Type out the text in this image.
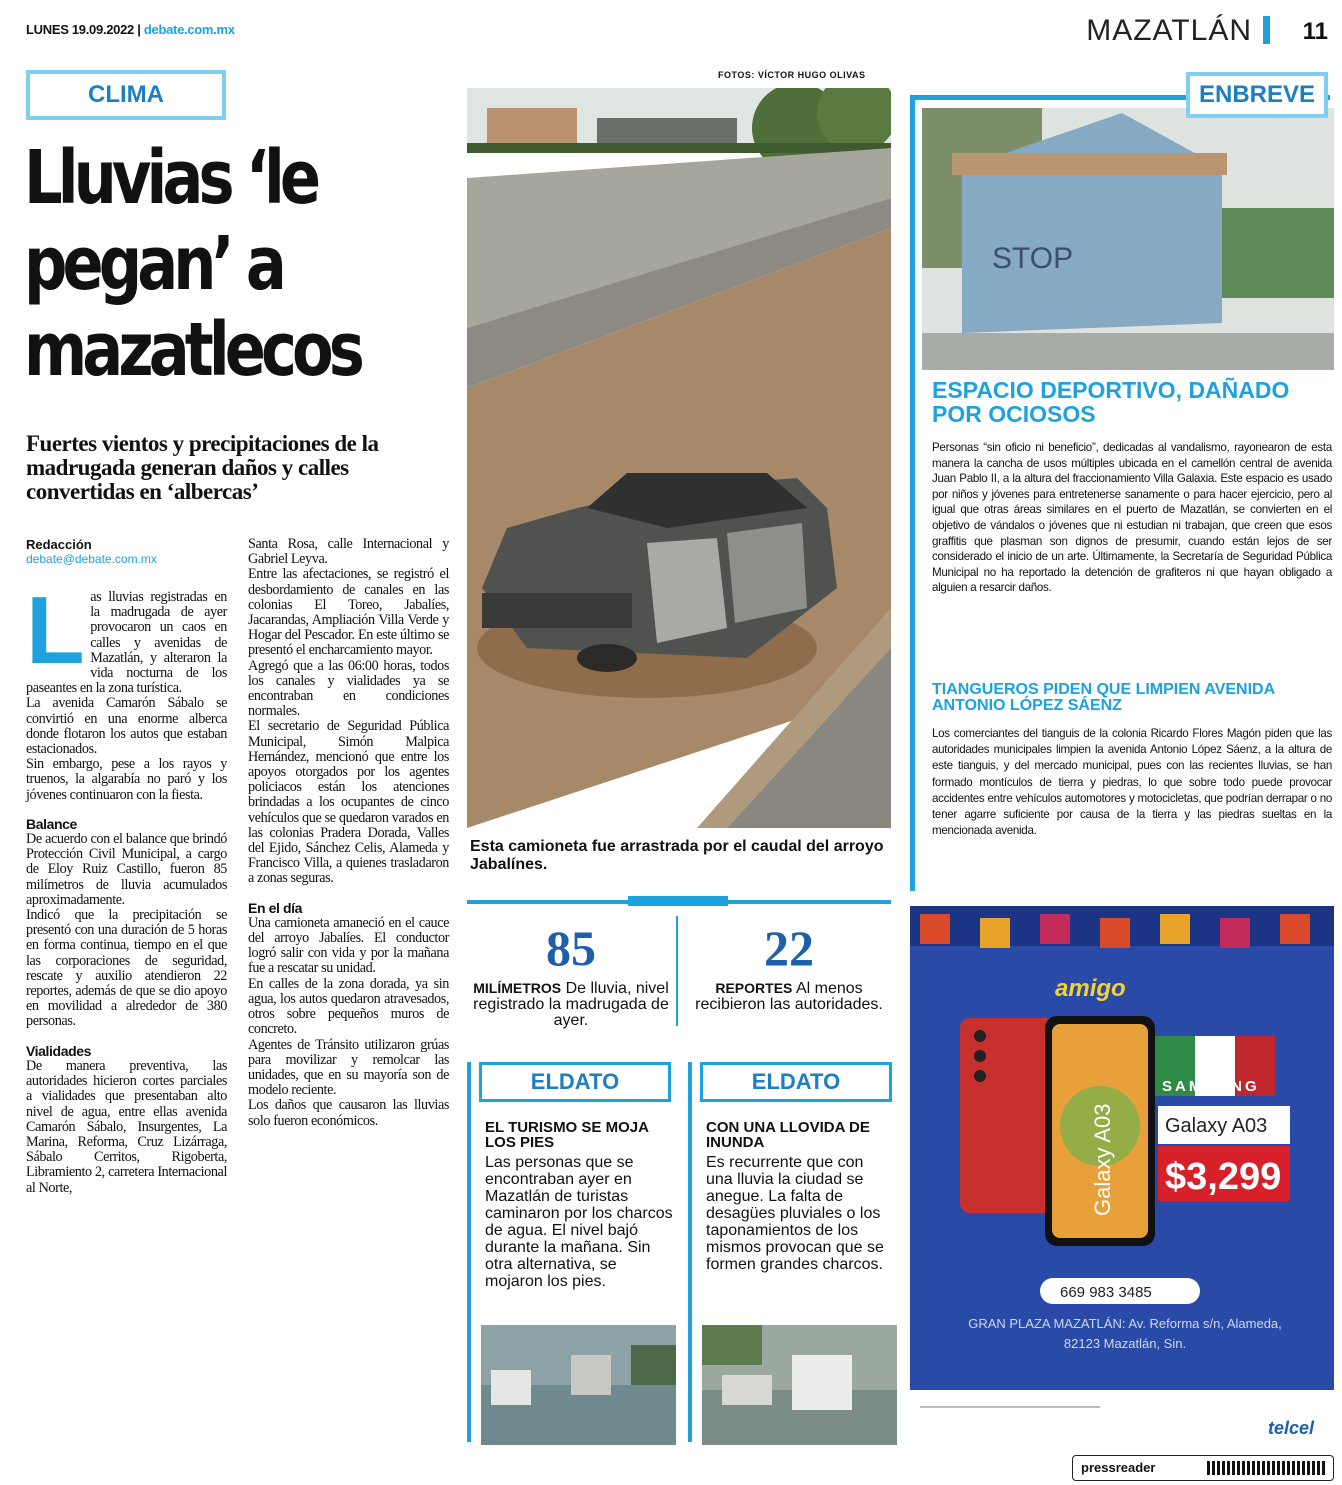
LUNES 19.09.2022 | debate.com.mx	MAZATLÁN 11
CLIMA
Lluvias ‘le pegan’ a mazatlecos
Fuertes vientos y precipitaciones de la madrugada generan daños y calles convertidas en ‘albercas’
Redacción
debate@debate.com.mx
L as lluvias registradas en la madrugada de ayer provocaron un caos en calles y avenidas de Mazatlán, y alteraron la vida nocturna de los paseantes en la zona turística.

La avenida Camarón Sábalo se convirtió en una enorme alberca donde flotaron los autos que estaban estacionados.

Sin embargo, pese a los rayos y truenos, la algarabía no paró y los jóvenes continuaron con la fiesta.

Balance

De acuerdo con el balance que brindó Protección Civil Municipal, a cargo de Eloy Ruiz Castillo, fueron 85 milímetros de lluvia acumulados aproximadamente.

Indicó que la precipitación se presentó con una duración de 5 horas en forma continua, tiempo en el que las corporaciones de seguridad, rescate y auxilio atendieron 22 reportes, además de que se dio apoyo en movilidad a alrededor de 380 personas.

Vialidades

De manera preventiva, las autoridades hicieron cortes parciales a vialidades que presentaban alto nivel de agua, entre ellas avenida Camarón Sábalo, Insurgentes, La Marina, Reforma, Cruz Lizárraga, Sábalo Cerritos, Rigoberta, Libramiento 2, carretera Internacional al Norte,

Santa Rosa, calle Internacional y Gabriel Leyva.

Entre las afectaciones, se registró el desbordamiento de canales en las colonias El Toreo, Jabalíes, Jacarandas, Ampliación Villa Verde y Hogar del Pescador. En este último se presentó el encharcamiento mayor.

Agregó que a las 06:00 horas, todos los canales y vialidades ya se encontraban en condiciones normales.

El secretario de Seguridad Pública Municipal, Simón Malpica Hernández, mencionó que entre los apoyos otorgados por los agentes policiacos están los atenciones brindadas a los ocupantes de cinco vehículos que se quedaron varados en las colonias Pradera Dorada, Valles del Ejido, Sánchez Celis, Alameda y Francisco Villa, a quienes trasladaron a zonas seguras.

En el día

Una camioneta amaneció en el cauce del arroyo Jabalíes. El conductor logró salir con vida y por la mañana fue a rescatar su unidad.

En calles de la zona dorada, ya sin agua, los autos quedaron atravesados, otros sobre pequeños muros de concreto.

Agentes de Tránsito utilizaron grúas para movilizar y remolcar las unidades, que en su mayoría son de modelo reciente.

Los daños que causaron las lluvias solo fueron económicos.

FOTOS: VÍCTOR HUGO OLIVAS
Esta camioneta fue arrastrada por el caudal del arroyo Jabalínes.
85
MILÍMETROS De lluvia, nivel registrado la madrugada de ayer.
22
REPORTES Al menos recibieron las autoridades.
ELDATO
EL TURISMO SE MOJA LOS PIES
Las personas que se encontraban ayer en Mazatlán de turistas caminaron por los charcos de agua. El nivel bajó durante la mañana. Sin otra alternativa, se mojaron los pies.
ELDATO
CON UNA LLOVIDA DE INUNDA
Es recurrente que con una lluvia la ciudad se anegue. La falta de desagües pluviales o los taponamientos de los mismos provocan que se formen grandes charcos.
STOP
ENBREVE
ESPACIO DEPORTIVO, DAÑADO POR OCIOSOS

Personas “sin oficio ni beneficio”, dedicadas al vandalismo, rayonearon de esta manera la cancha de usos múltiples ubicada en el camellón central de avenida Juan Pablo II, a la altura del fraccionamiento Villa Galaxia. Este espacio es usado por niños y jóvenes para entretenerse sanamente o para hacer ejercicio, pero al igual que otras áreas similares en el puerto de Mazatlán, se convierten en el objetivo de vándalos o jóvenes que ni estudian ni trabajan, que creen que esos graffitis que plasman son dignos de presumir, cuando están lejos de ser considerado el inicio de un arte. Últimamente, la Secretaría de Seguridad Pública Municipal no ha reportado la detención de grafiteros ni que hayan obligado a alguien a resarcir daños.

TIANGUEROS PIDEN QUE LIMPIEN AVENIDA ANTONIO LÓPEZ SÁENZ

Los comerciantes del tianguis de la colonia Ricardo Flores Magón piden que las autoridades municipales limpien la avenida Antonio López Sáenz, a la altura de este tianguis, y del mercado municipal, pues con las recientes lluvias, se han formado montículos de tierra y piedras, lo que sobre todo puede provocar accidentes entre vehículos automotores y motocicletas, que podrían derrapar o no tener agarre suficiente por causa de la tierra y las piedras sueltas en la mencionada avenida.

amigo
Galaxy A03
SAMSUNG
Galaxy A03
$3,299
669 983 3485
GRAN PLAZA MAZATLÁN: Av. Reforma s/n, Alameda, 82123 Mazatlán, Sin.
telcel
pressreader
